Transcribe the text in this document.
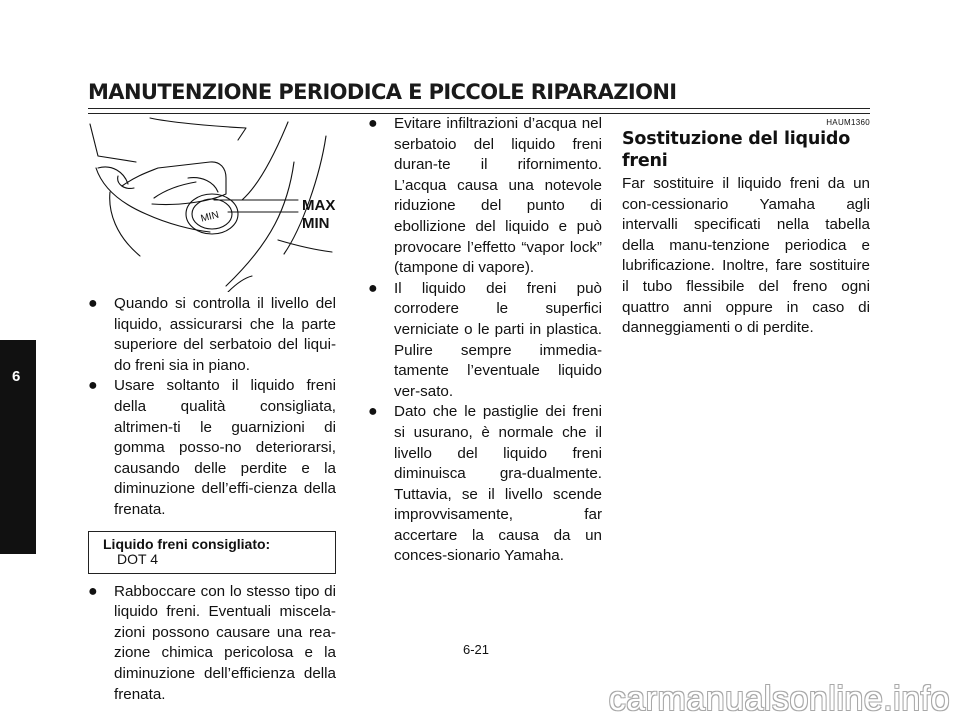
MANUTENZIONE PERIODICA E PICCOLE RIPARAZIONI
6
MIN
MAX
MIN
● Quando si controlla il livello del liquido, assicurarsi che la parte superiore del serbatoio del liqui-do freni sia in piano.
● Usare soltanto il liquido freni della qualità consigliata, altrimen-ti le guarnizioni di gomma posso-no deteriorarsi, causando delle perdite e la diminuzione dell’effi-cienza della frenata.
Liquido freni consigliato:
DOT 4
● Rabboccare con lo stesso tipo di liquido freni. Eventuali miscela-zioni possono causare una rea-zione chimica pericolosa e la diminuzione dell’efficienza della frenata.
● Evitare infiltrazioni d’acqua nel serbatoio del liquido freni duran-te il rifornimento. L’acqua causa una notevole riduzione del punto di ebollizione del liquido e può provocare l’effetto “vapor lock” (tampone di vapore).
● Il liquido dei freni può corrodere le superfici verniciate o le parti in plastica. Pulire sempre immedia-tamente l’eventuale liquido ver-sato.
● Dato che le pastiglie dei freni si usurano, è normale che il livello del liquido freni diminuisca gra-dualmente. Tuttavia, se il livello scende improvvisamente, far accertare la causa da un conces-sionario Yamaha.
HAUM1360
Sostituzione del liquido freni

Far sostituire il liquido freni da un con-cessionario Yamaha agli intervalli specificati nella tabella della manu-tenzione periodica e lubrificazione. Inoltre, fare sostituire il tubo flessibile del freno ogni quattro anni oppure in caso di danneggiamenti o di perdite.

6-21
carmanualsonline.info
